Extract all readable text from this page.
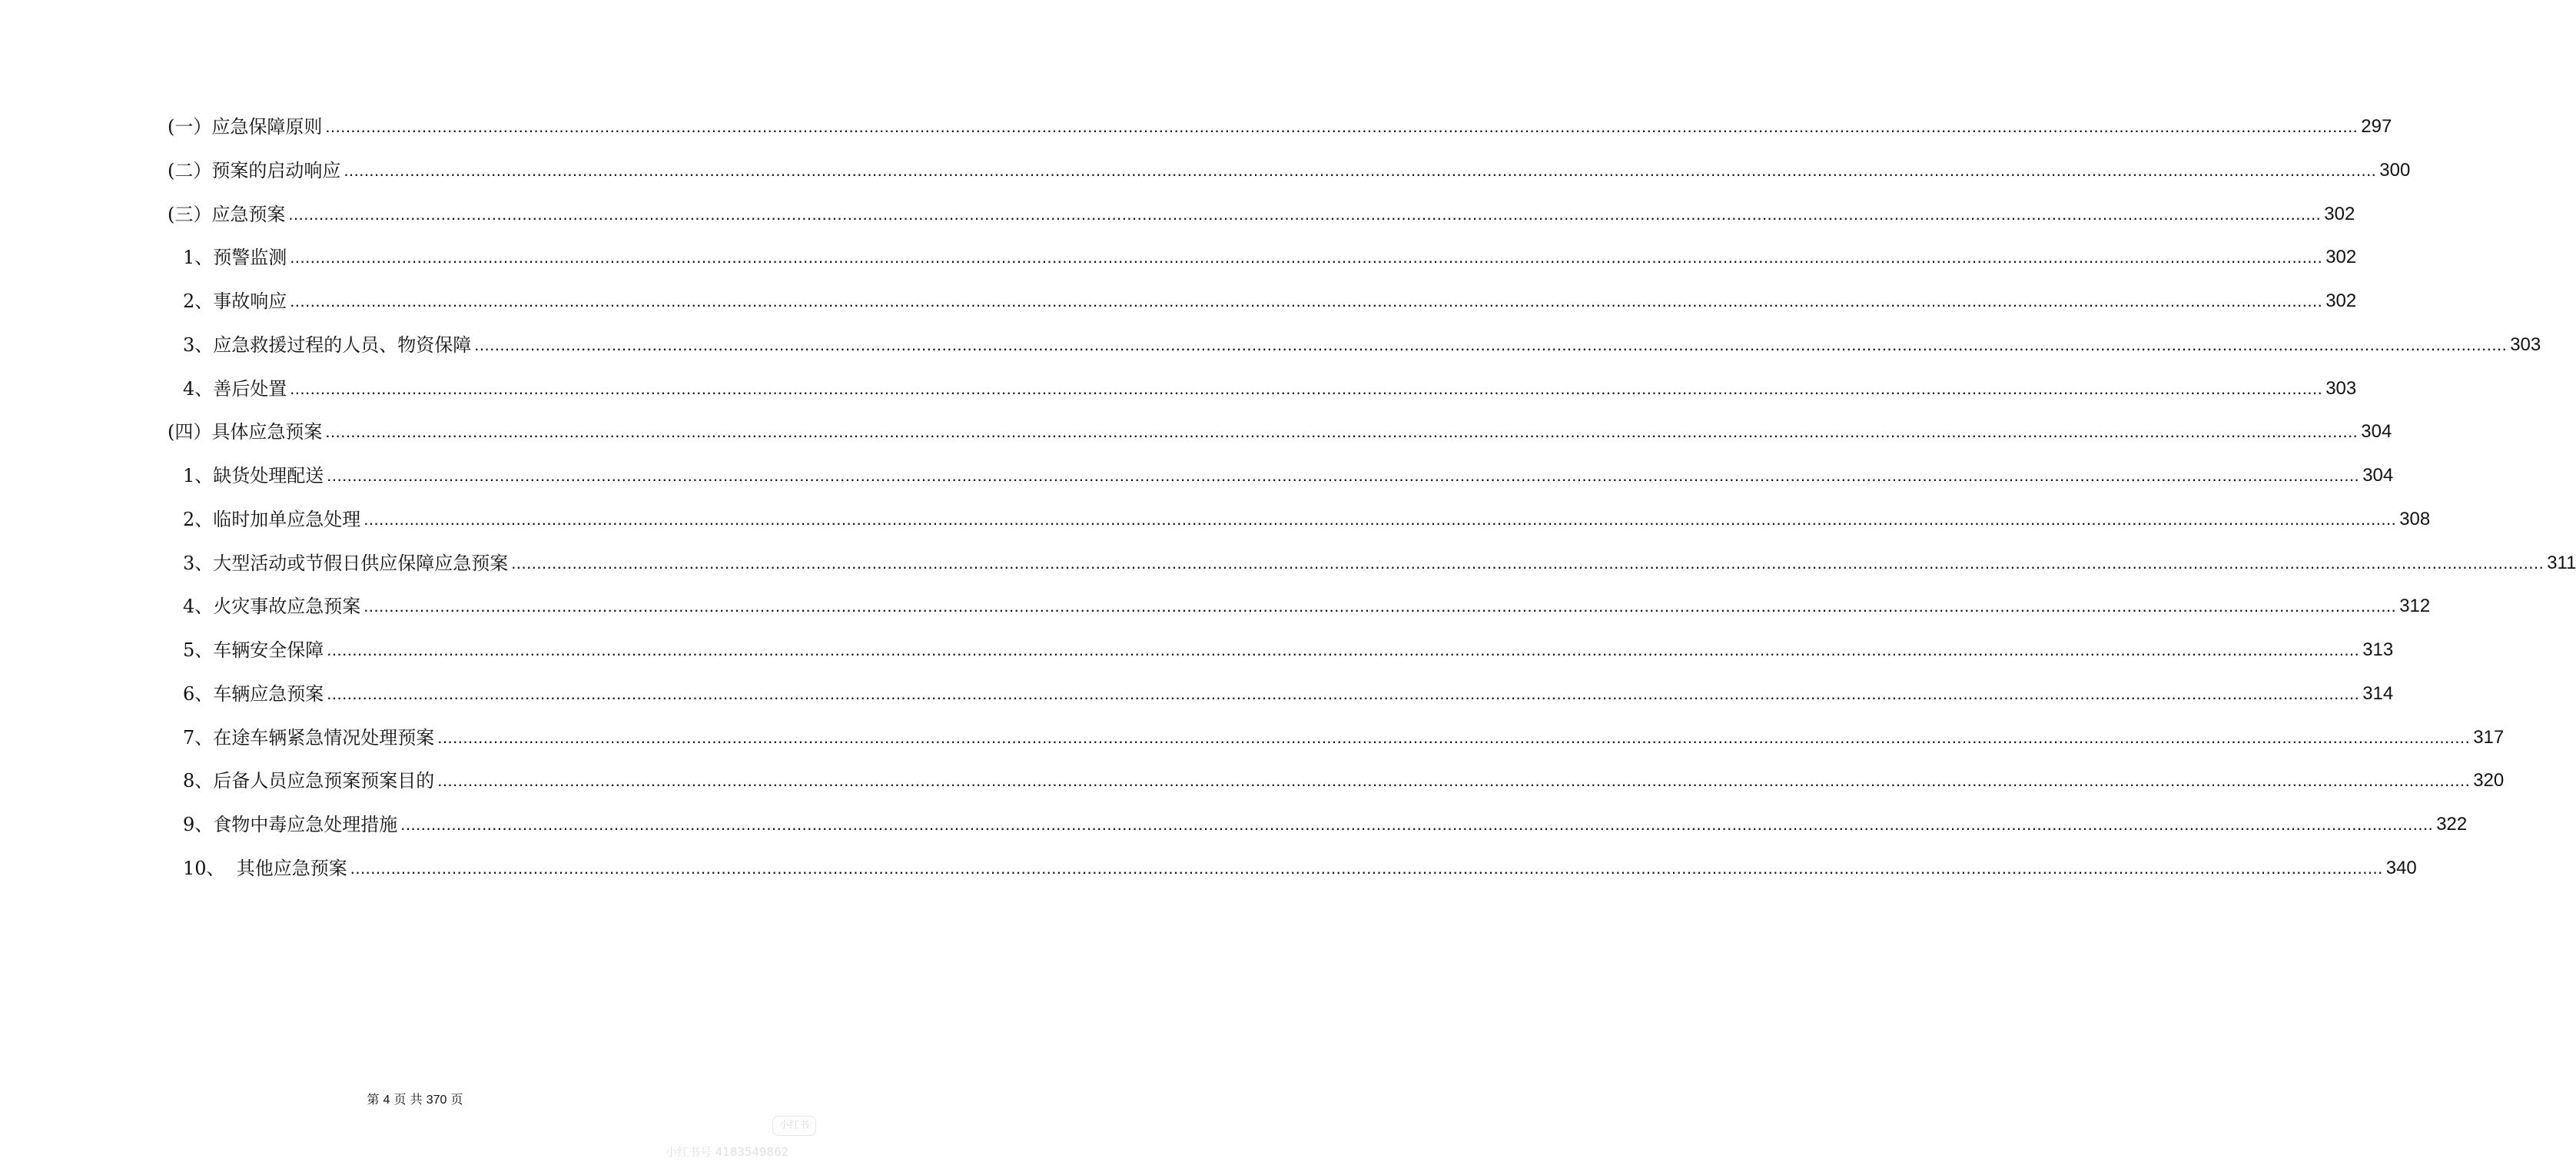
(一）应急保障原则 ................................................................................................................................................................................................................................................................................................................................................................................................................ 297
(二）预案的启动响应 ................................................................................................................................................................................................................................................................................................................................................................................................................ 300
(三）应急预案 ................................................................................................................................................................................................................................................................................................................................................................................................................ 302
1、预警监测 ................................................................................................................................................................................................................................................................................................................................................................................................................ 302
2、事故响应 ................................................................................................................................................................................................................................................................................................................................................................................................................ 302
3、应急救援过程的人员、物资保障 ................................................................................................................................................................................................................................................................................................................................................................................................................ 303
4、善后处置 ................................................................................................................................................................................................................................................................................................................................................................................................................ 303
(四）具体应急预案 ................................................................................................................................................................................................................................................................................................................................................................................................................ 304
1、缺货处理配送 ................................................................................................................................................................................................................................................................................................................................................................................................................ 304
2、临时加单应急处理 ................................................................................................................................................................................................................................................................................................................................................................................................................ 308
3、大型活动或节假日供应保障应急预案 ................................................................................................................................................................................................................................................................................................................................................................................................................ 311
4、火灾事故应急预案 ................................................................................................................................................................................................................................................................................................................................................................................................................ 312
5、车辆安全保障 ................................................................................................................................................................................................................................................................................................................................................................................................................ 313
6、车辆应急预案 ................................................................................................................................................................................................................................................................................................................................................................................................................ 314
7、在途车辆紧急情况处理预案 ................................................................................................................................................................................................................................................................................................................................................................................................................ 317
8、后备人员应急预案预案目的 ................................................................................................................................................................................................................................................................................................................................................................................................................ 320
9、食物中毒应急处理措施 ................................................................................................................................................................................................................................................................................................................................................................................................................ 322
10、  其他应急预案 ................................................................................................................................................................................................................................................................................................................................................................................................................ 340
第 4 页 共 370 页
小红书
小红书号 4183549862
